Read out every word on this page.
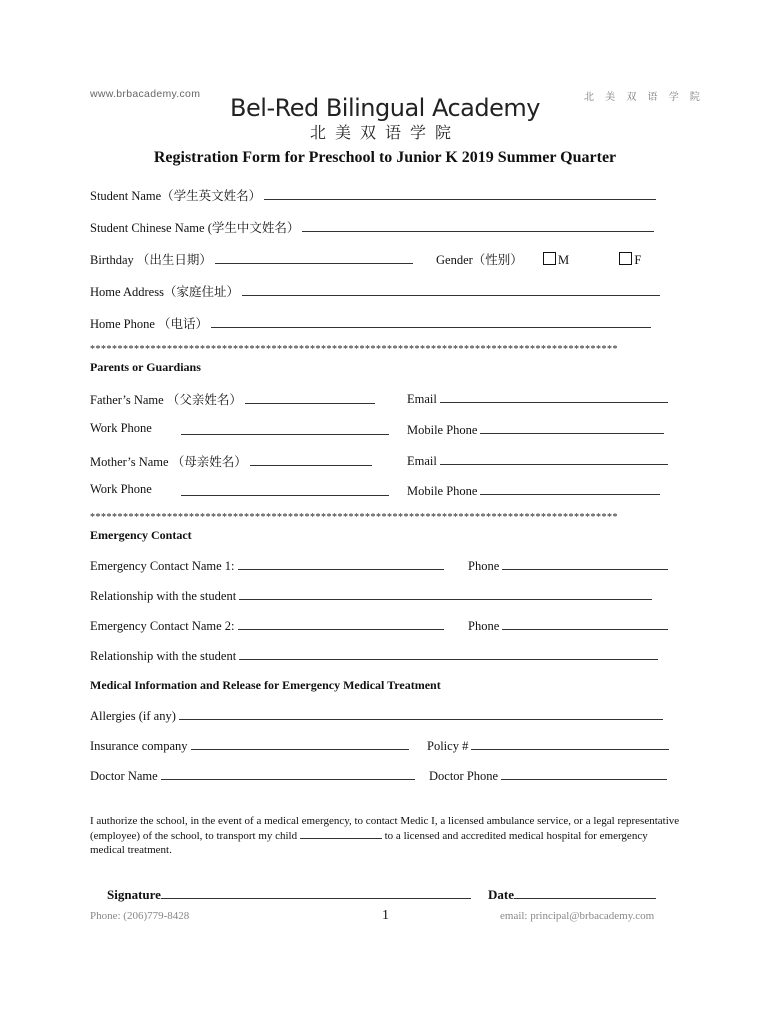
www.brbacademy.com	北 美 双 语 学 院
Bel-Red Bilingual Academy
北美双语学院
Registration Form for Preschool to Junior K 2019 Summer Quarter
Student Name（学生英文姓名）
Student Chinese Name (学生中文姓名）
Birthday （出生日期）	Gender（性别）	M	F
Home Address（家庭住址）
Home Phone （电话）
************************************************************************************************
Parents or Guardians
Father’s Name （父亲姓名）	Email
Work Phone	Mobile Phone
Mother’s Name （母亲姓名）	Email
Work Phone	Mobile Phone
************************************************************************************************
Emergency Contact
Emergency Contact Name 1:	Phone
Relationship with the student
Emergency Contact Name 2:	Phone
Relationship with the student
Medical Information and Release for Emergency Medical Treatment
Allergies (if any)
Insurance company	Policy #
Doctor Name	Doctor Phone
I authorize the school, in the event of a medical emergency, to contact Medic I, a licensed ambulance service, or a legal representative (employee) of the school, to transport my child	to a licensed and accredited medical hospital for emergency medical treatment.
Signature	Date
Phone: (206)779-8428	1	email: principal@brbacademy.com
